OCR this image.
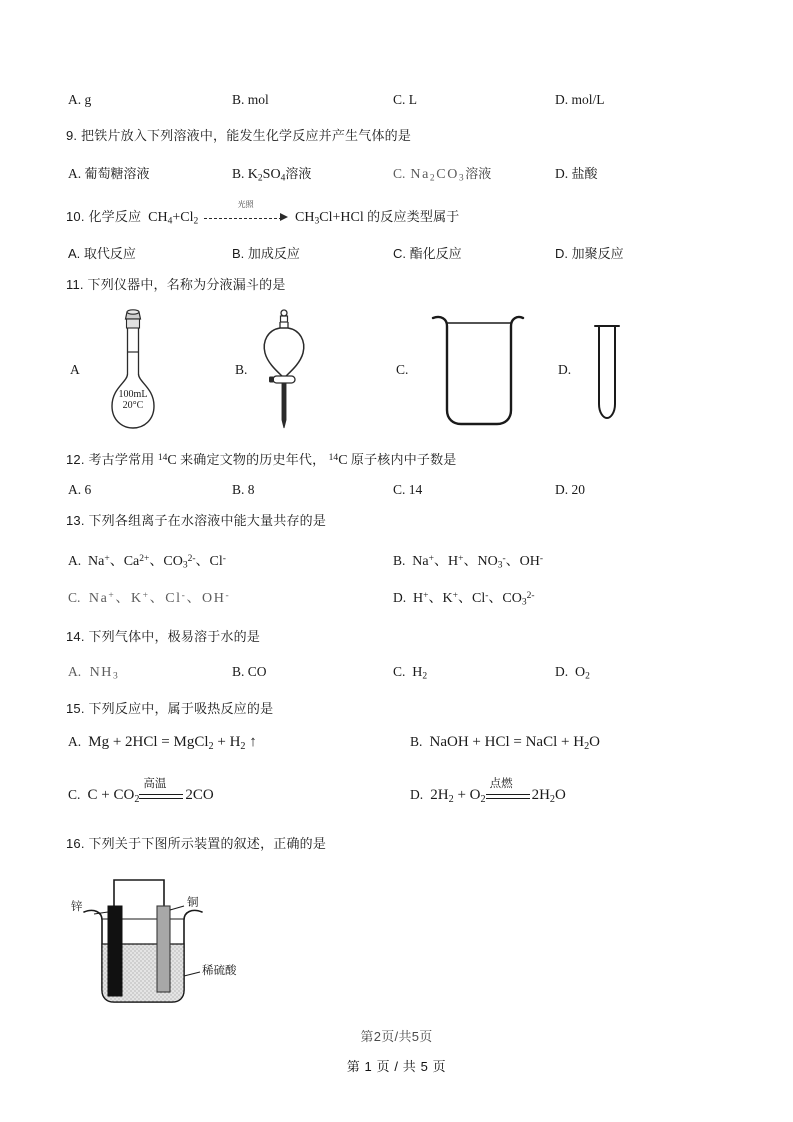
A. g	B. mol	C. L	D. mol/L
9. 把铁片放入下列溶液中，能发生化学反应并产生气体的是
A. 葡萄糖溶液	B. $K_2SO_4$溶液	C. $Na_2CO_3$溶液	D. 盐酸
10. 化学反应  $CH_4+Cl_2$
光照
$CH_3Cl+HCl$ 的反应类型属于
A. 取代反应	B. 加成反应	C. 酯化反应	D. 加聚反应
11. 下列仪器中，名称为分液漏斗的是
A
100mL
20°C
B.	C.	D.
12. 考古学常用 $^{14}$C 来确定文物的历史年代， $^{14}$C 原子核内中子数是
A. 6	B. 8	C. 14	D. 20
13. 下列各组离子在水溶液中能大量共存的是
A.  Na+、$Ca^{2+}$、$CO_3^{2-}$、Cl-	B.  Na+、H+、$NO_3^-$、OH-
C.  Na+、K+、Cl-、OH-	D.  H+、K+、Cl-、$CO_3^{2-}$
14. 下列气体中，极易溶于水的是
A.  $NH_3$	B. CO	C.  $H_2$	D.  $O_2$
15. 下列反应中，属于吸热反应的是
A.  Mg + 2HCl = MgCl$_2$ + $H_2$ ↑	B.  NaOH + HCl = NaCl + $H_2O$
C.  $C + CO_2$
高温
2CO	D.  $2H_2 + O_2$
点燃
$2H_2O$
16. 下列关于下图所示装置的叙述，正确的是
锌	铜
稀硫酸
第2页/共5页
第 1 页 / 共 5 页
